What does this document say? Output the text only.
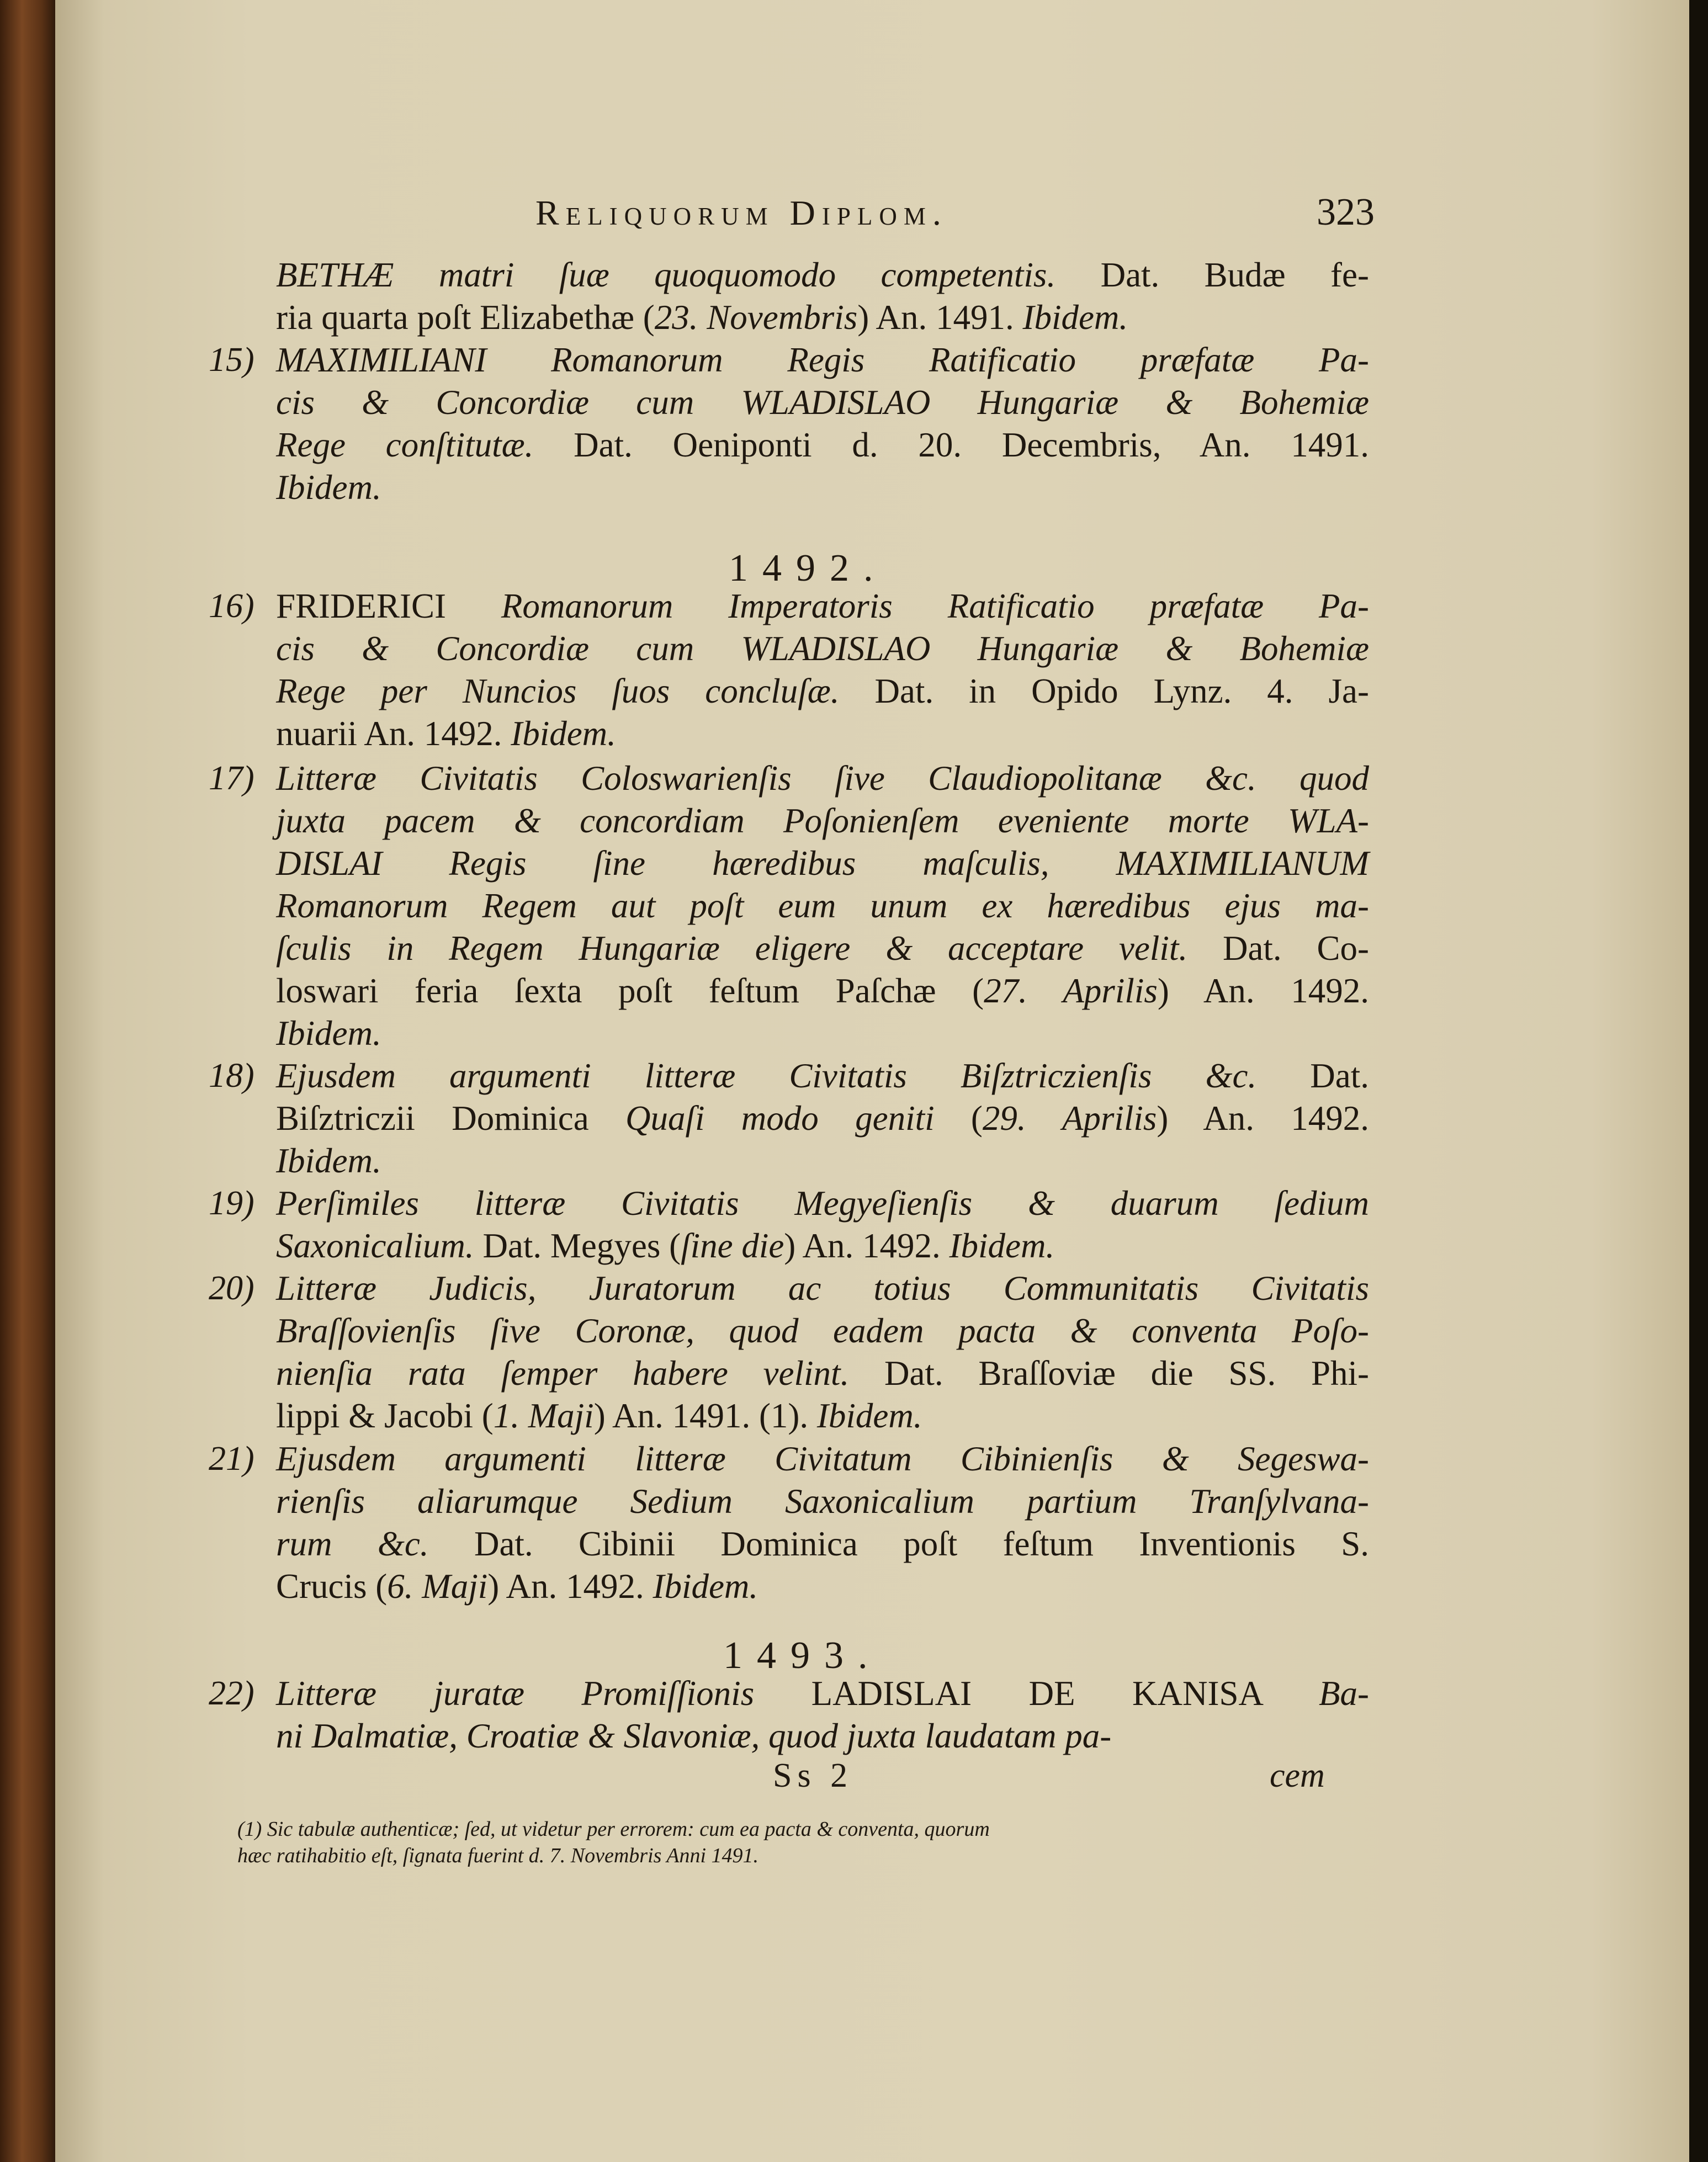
Reliquorum Diplom.	323
BETHÆ matri ſuæ quoquomodo competentis. Dat. Budæ fe-
ria quarta poſt Elizabethæ (23. Novembris) An. 1491. Ibidem.
15) MAXIMILIANI Romanorum Regis Ratificatio præfatæ Pa-
cis & Concordiæ cum WLADISLAO Hungariæ & Bohemiæ
Rege conſtitutæ. Dat. Oeniponti d. 20. Decembris, An. 1491.
Ibidem.
1492.
16) FRIDERICI Romanorum Imperatoris Ratificatio præfatæ Pa-
cis & Concordiæ cum WLADISLAO Hungariæ & Bohemiæ
Rege per Nuncios ſuos concluſæ. Dat. in Opido Lynz. 4. Ja-
nuarii An. 1492. Ibidem.
17) Litteræ Civitatis Coloswarienſis ſive Claudiopolitanæ &c. quod
juxta pacem & concordiam Poſonienſem eveniente morte WLA-
DISLAI Regis ſine hæredibus maſculis, MAXIMILIANUM
Romanorum Regem aut poſt eum unum ex hæredibus ejus ma-
ſculis in Regem Hungariæ eligere & acceptare velit. Dat. Co-
loswari feria ſexta poſt feſtum Paſchæ (27. Aprilis) An. 1492.
Ibidem.
18) Ejusdem argumenti litteræ Civitatis Biſztriczienſis &c. Dat.
Biſztriczii Dominica Quaſi modo geniti (29. Aprilis) An. 1492.
Ibidem.
19) Perſimiles litteræ Civitatis Megyeſienſis & duarum ſedium
Saxonicalium. Dat. Megyes (ſine die) An. 1492. Ibidem.
20) Litteræ Judicis, Juratorum ac totius Communitatis Civitatis
Braſſovienſis ſive Coronæ, quod eadem pacta & conventa Poſo-
nienſia rata ſemper habere velint. Dat. Braſſoviæ die SS. Phi-
lippi & Jacobi (1. Maji) An. 1491. (1). Ibidem.
21) Ejusdem argumenti litteræ Civitatum Cibinienſis & Segeswa-
rienſis aliarumque Sedium Saxonicalium partium Tranſylvana-
rum &c. Dat. Cibinii Dominica poſt feſtum Inventionis S.
Crucis (6. Maji) An. 1492. Ibidem.
1493.
22) Litteræ juratæ Promiſſionis LADISLAI DE KANISA Ba-
ni Dalmatiæ, Croatiæ & Slavoniæ, quod juxta laudatam pa-
Ss 2	cem
(1) Sic tabulæ authenticæ; ſed, ut videtur per errorem: cum ea pacta & conventa, quorum
hæc ratihabitio eſt, ſignata fuerint d. 7. Novembris Anni 1491.
